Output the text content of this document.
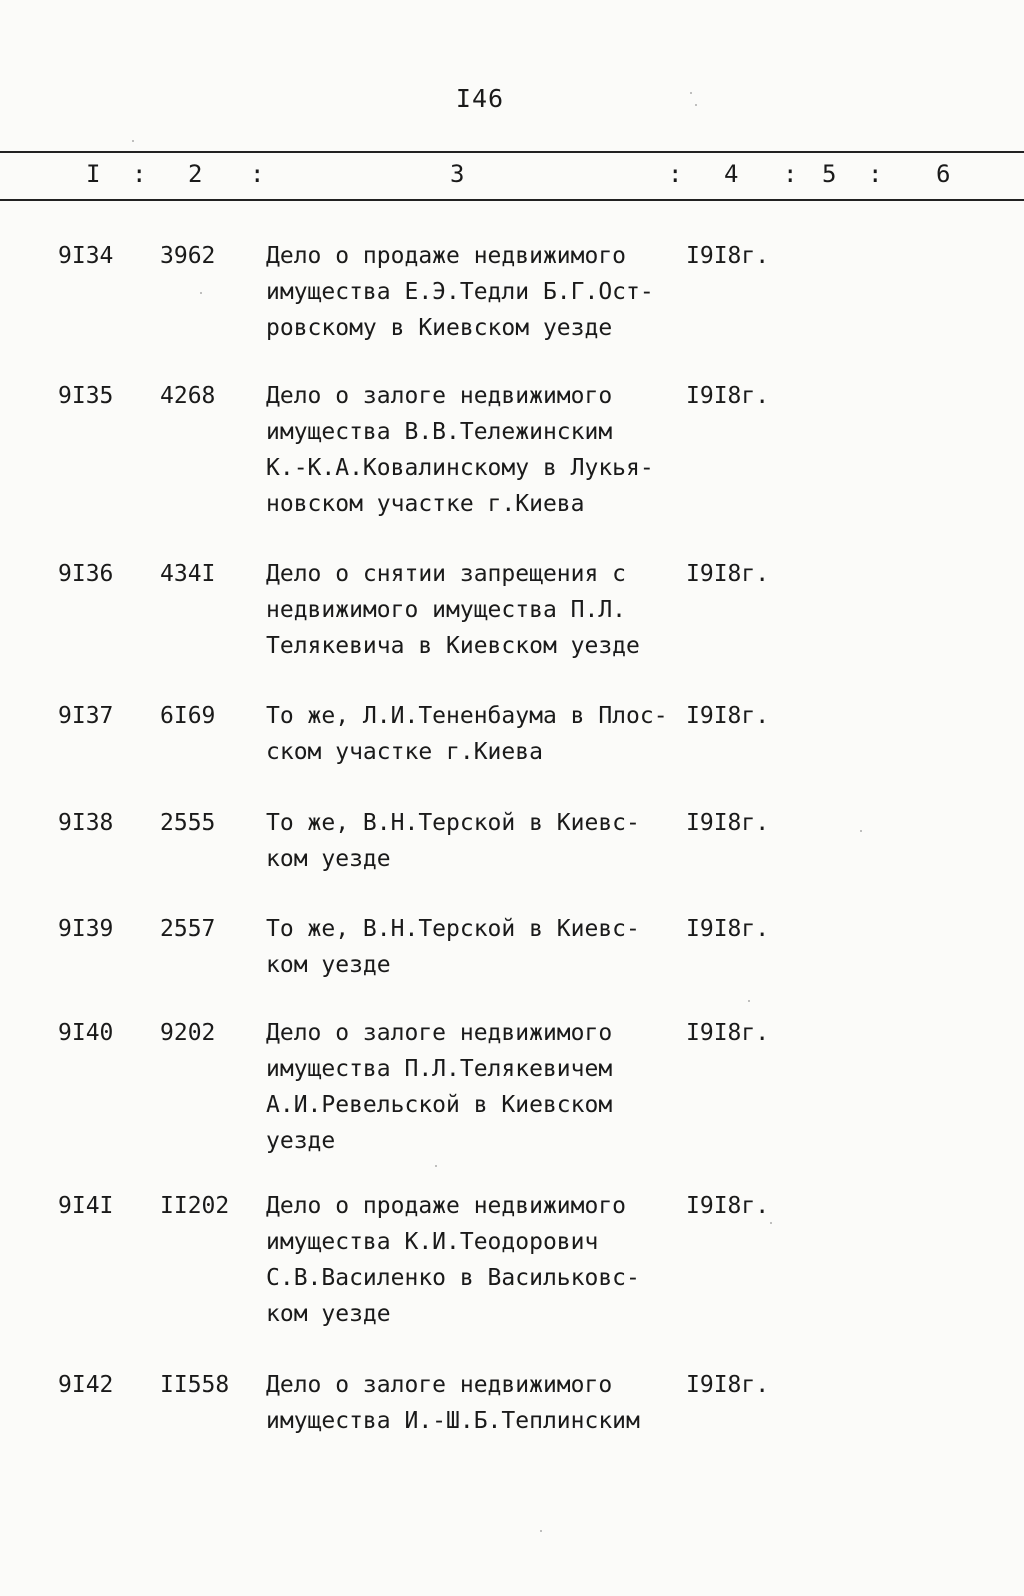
I46
I : 2 :	3	: 4 : 5 : 6
9I34 3962 Дело о продаже недвижимого
имущества Е.Э.Тедли Б.Г.Ост-
ровскому в Киевском уезде
I9I8г.
9I35 4268 Дело о залоге недвижимого
имущества В.В.Тележинским
К.-К.А.Ковалинскому в Лукья-
новском участке г.Киева
I9I8г.
9I36 434I Дело о снятии запрещения с
недвижимого имущества П.Л.
Телякевича в Киевском уезде
I9I8г.
9I37 6I69 То же, Л.И.Тененбаума в Плос-
ском участке г.Киева
I9I8г.
9I38 2555 То же, В.Н.Терской в Киевс-
ком уезде
I9I8г.
9I39 2557 То же, В.Н.Терской в Киевс-
ком уезде
I9I8г.
9I40 9202 Дело о залоге недвижимого
имущества П.Л.Телякевичем
А.И.Ревельской в Киевском
уезде
I9I8г.
9I4I II202 Дело о продаже недвижимого
имущества К.И.Теодорович
С.В.Василенко в Васильковс-
ком уезде
I9I8г.
9I42 II558 Дело о залоге недвижимого
имущества И.-Ш.Б.Теплинским
I9I8г.
